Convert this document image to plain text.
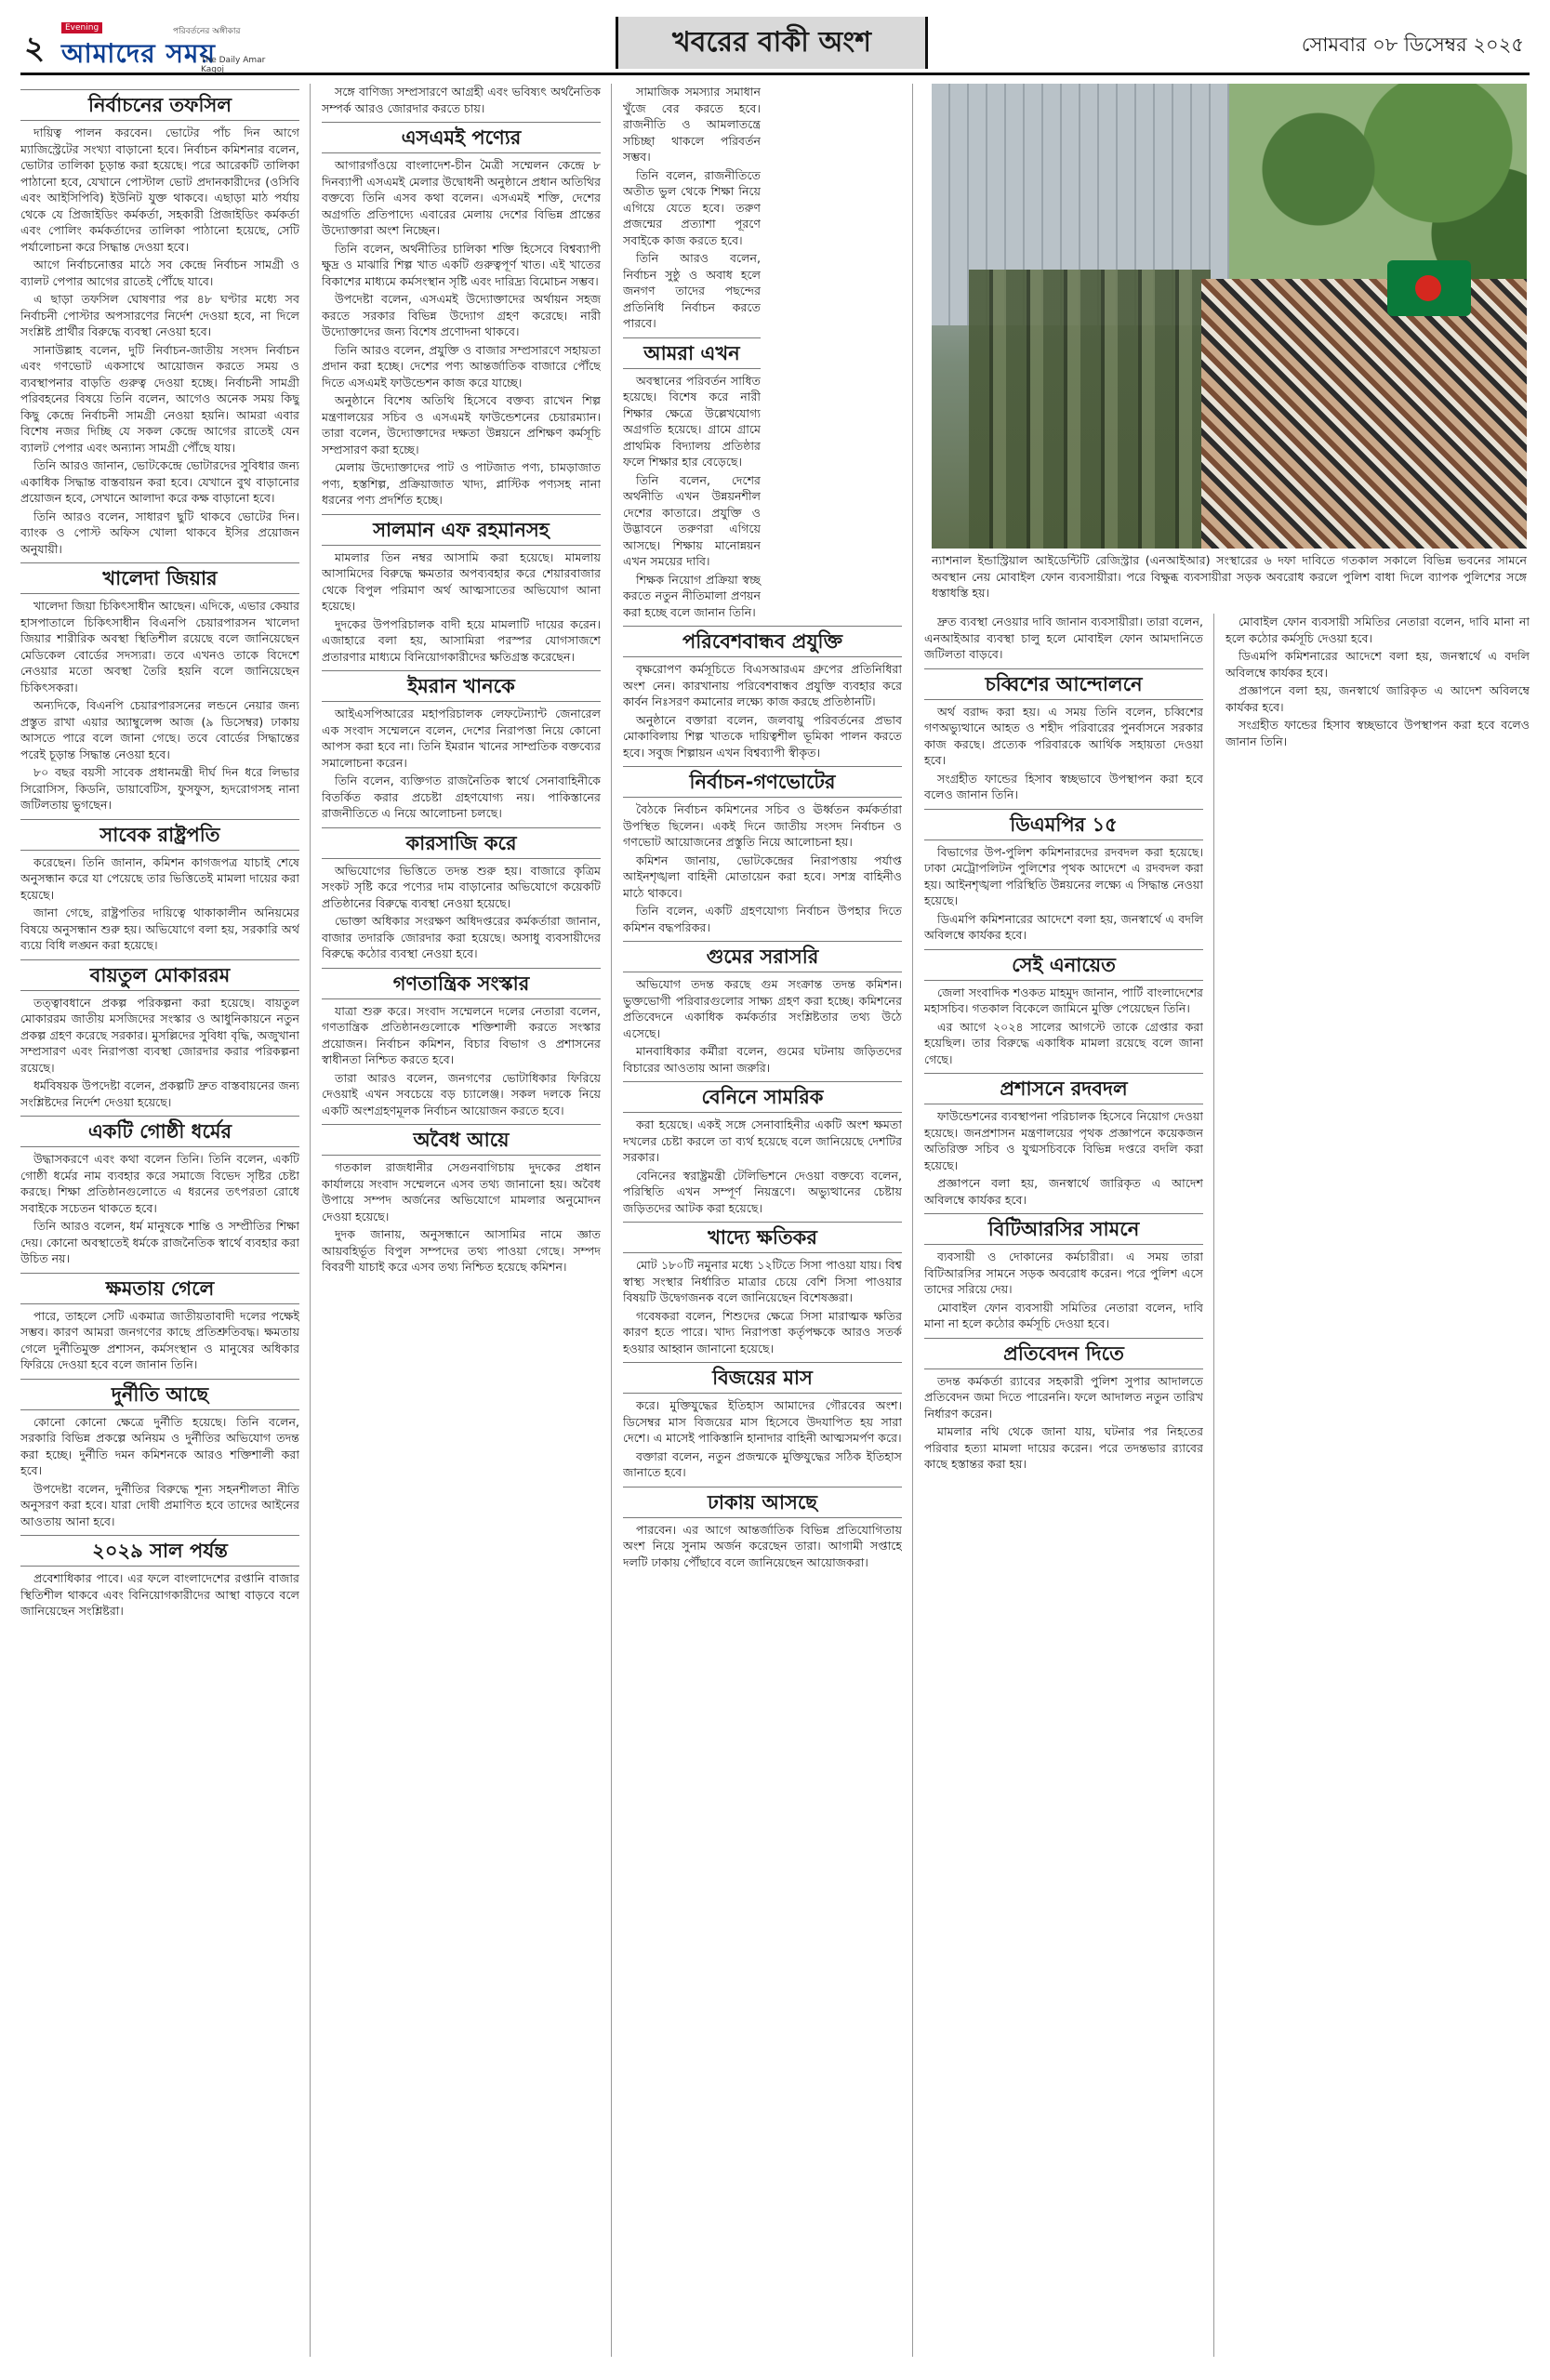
২
Evening
আমাদের সময়
পরিবর্তনের অঙ্গীকার
The Daily Amar Kagoj
খবরের বাকী অংশ	সোমবার ০৮ ডিসেম্বর ২০২৫
নির্বাচনের তফসিল

দায়িত্ব পালন করবেন। ভোটের পাঁচ দিন আগে ম্যাজিস্ট্রেটের সংখ্যা বাড়ানো হবে। নির্বাচন কমিশনার বলেন, ভোটার তালিকা চূড়ান্ত করা হয়েছে। পরে আরেকটি তালিকা পাঠানো হবে, যেখানে পোস্টাল ভোট প্রদানকারীদের (ওসিবি এবং আইসিপিবি) ইউনিট যুক্ত থাকবে। এছাড়া মাঠ পর্যায় থেকে যে প্রিজাইডিং কর্মকর্তা, সহকারী প্রিজাইডিং কর্মকর্তা এবং পোলিং কর্মকর্তাদের তালিকা পাঠানো হয়েছে, সেটি পর্যালোচনা করে সিদ্ধান্ত দেওয়া হবে।

আগে নির্বাচনোত্তর মাঠে সব কেন্দ্রে নির্বাচন সামগ্রী ও ব্যালট পেপার আগের রাতেই পৌঁছে যাবে।

এ ছাড়া তফসিল ঘোষণার পর ৪৮ ঘণ্টার মধ্যে সব নির্বাচনী পোস্টার অপসারণের নির্দেশ দেওয়া হবে, না দিলে সংশ্লিষ্ট প্রার্থীর বিরুদ্ধে ব্যবস্থা নেওয়া হবে।

সানাউল্লাহ বলেন, দুটি নির্বাচন-জাতীয় সংসদ নির্বাচন এবং গণভোট একসাথে আয়োজন করতে সময় ও ব্যবস্থাপনার বাড়তি গুরুত্ব দেওয়া হচ্ছে। নির্বাচনী সামগ্রী পরিবহনের বিষয়ে তিনি বলেন, আগেও অনেক সময় কিছু কিছু কেন্দ্রে নির্বাচনী সামগ্রী নেওয়া হয়নি। আমরা এবার বিশেষ নজর দিচ্ছি যে সকল কেন্দ্রে আগের রাতেই যেন ব্যালট পেপার এবং অন্যান্য সামগ্রী পৌঁছে যায়।

তিনি আরও জানান, ভোটকেন্দ্রে ভোটারদের সুবিধার জন্য একাধিক সিদ্ধান্ত বাস্তবায়ন করা হবে। যেখানে বুথ বাড়ানোর প্রয়োজন হবে, সেখানে আলাদা করে কক্ষ বাড়ানো হবে।

তিনি আরও বলেন, সাধারণ ছুটি থাকবে ভোটের দিন। ব্যাংক ও পোস্ট অফিস খোলা থাকবে ইসির প্রয়োজন অনুযায়ী।

খালেদা জিয়ার

খালেদা জিয়া চিকিৎসাধীন আছেন। এদিকে, এভার কেয়ার হাসপাতালে চিকিৎসাধীন বিএনপি চেয়ারপারসন খালেদা জিয়ার শারীরিক অবস্থা স্থিতিশীল রয়েছে বলে জানিয়েছেন মেডিকেল বোর্ডের সদস্যরা। তবে এখনও তাকে বিদেশে নেওয়ার মতো অবস্থা তৈরি হয়নি বলে জানিয়েছেন চিকিৎসকরা।

অন্যদিকে, বিএনপি চেয়ারপারসনের লন্ডনে নেয়ার জন্য প্রস্তুত রাখা এয়ার অ্যাম্বুলেন্স আজ (৯ ডিসেম্বর) ঢাকায় আসতে পারে বলে জানা গেছে। তবে বোর্ডের সিদ্ধান্তের পরেই চূড়ান্ত সিদ্ধান্ত নেওয়া হবে।

৮০ বছর বয়সী সাবেক প্রধানমন্ত্রী দীর্ঘ দিন ধরে লিভার সিরোসিস, কিডনি, ডায়াবেটিস, ফুসফুস, হৃদরোগসহ নানা জটিলতায় ভুগছেন।

সাবেক রাষ্ট্রপতি

করেছেন। তিনি জানান, কমিশন কাগজপত্র যাচাই শেষে অনুসন্ধান করে যা পেয়েছে তার ভিত্তিতেই মামলা দায়ের করা হয়েছে।

জানা গেছে, রাষ্ট্রপতির দায়িত্বে থাকাকালীন অনিয়মের বিষয়ে অনুসন্ধান শুরু হয়। অভিযোগে বলা হয়, সরকারি অর্থ ব্যয়ে বিধি লঙ্ঘন করা হয়েছে।

বায়তুল মোকাররম

তত্ত্বাবধানে প্রকল্প পরিকল্পনা করা হয়েছে। বায়তুল মোকাররম জাতীয় মসজিদের সংস্কার ও আধুনিকায়নে নতুন প্রকল্প গ্রহণ করেছে সরকার। মুসল্লিদের সুবিধা বৃদ্ধি, অজুখানা সম্প্রসারণ এবং নিরাপত্তা ব্যবস্থা জোরদার করার পরিকল্পনা রয়েছে।

ধর্মবিষয়ক উপদেষ্টা বলেন, প্রকল্পটি দ্রুত বাস্তবায়নের জন্য সংশ্লিষ্টদের নির্দেশ দেওয়া হয়েছে।

একটি গোষ্ঠী ধর্মের

উদ্ধাসকরণে এবং কথা বলেন তিনি। তিনি বলেন, একটি গোষ্ঠী ধর্মের নাম ব্যবহার করে সমাজে বিভেদ সৃষ্টির চেষ্টা করছে। শিক্ষা প্রতিষ্ঠানগুলোতে এ ধরনের তৎপরতা রোধে সবাইকে সচেতন থাকতে হবে।

তিনি আরও বলেন, ধর্ম মানুষকে শান্তি ও সম্প্রীতির শিক্ষা দেয়। কোনো অবস্থাতেই ধর্মকে রাজনৈতিক স্বার্থে ব্যবহার করা উচিত নয়।

ক্ষমতায় গেলে

পারে, তাহলে সেটি একমাত্র জাতীয়তাবাদী দলের পক্ষেই সম্ভব। কারণ আমরা জনগণের কাছে প্রতিশ্রুতিবদ্ধ। ক্ষমতায় গেলে দুর্নীতিমুক্ত প্রশাসন, কর্মসংস্থান ও মানুষের অধিকার ফিরিয়ে দেওয়া হবে বলে জানান তিনি।

দুর্নীতি আছে

কোনো কোনো ক্ষেত্রে দুর্নীতি হয়েছে। তিনি বলেন, সরকারি বিভিন্ন প্রকল্পে অনিয়ম ও দুর্নীতির অভিযোগ তদন্ত করা হচ্ছে। দুর্নীতি দমন কমিশনকে আরও শক্তিশালী করা হবে।

উপদেষ্টা বলেন, দুর্নীতির বিরুদ্ধে শূন্য সহনশীলতা নীতি অনুসরণ করা হবে। যারা দোষী প্রমাণিত হবে তাদের আইনের আওতায় আনা হবে।

২০২৯ সাল পর্যন্ত

প্রবেশাধিকার পাবে। এর ফলে বাংলাদেশের রপ্তানি বাজার স্থিতিশীল থাকবে এবং বিনিয়োগকারীদের আস্থা বাড়বে বলে জানিয়েছেন সংশ্লিষ্টরা।

সঙ্গে বাণিজ্য সম্প্রসারণে আগ্রহী এবং ভবিষ্যৎ অর্থনৈতিক সম্পর্ক আরও জোরদার করতে চায়।

এসএমই পণ্যের

আগারগাঁওয়ে বাংলাদেশ-চীন মৈত্রী সম্মেলন কেন্দ্রে ৮ দিনব্যাপী এসএমই মেলার উদ্বোধনী অনুষ্ঠানে প্রধান অতিথির বক্তব্যে তিনি এসব কথা বলেন। এসএমই শক্তি, দেশের অগ্রগতি প্রতিপাদ্যে এবারের মেলায় দেশের বিভিন্ন প্রান্তের উদ্যোক্তারা অংশ নিচ্ছেন।

তিনি বলেন, অর্থনীতির চালিকা শক্তি হিসেবে বিশ্বব্যাপী ক্ষুদ্র ও মাঝারি শিল্প খাত একটি গুরুত্বপূর্ণ খাত। এই খাতের বিকাশের মাধ্যমে কর্মসংস্থান সৃষ্টি এবং দারিদ্র্য বিমোচন সম্ভব।

উপদেষ্টা বলেন, এসএমই উদ্যোক্তাদের অর্থায়ন সহজ করতে সরকার বিভিন্ন উদ্যোগ গ্রহণ করেছে। নারী উদ্যোক্তাদের জন্য বিশেষ প্রণোদনা থাকবে।

তিনি আরও বলেন, প্রযুক্তি ও বাজার সম্প্রসারণে সহায়তা প্রদান করা হচ্ছে। দেশের পণ্য আন্তর্জাতিক বাজারে পৌঁছে দিতে এসএমই ফাউন্ডেশন কাজ করে যাচ্ছে।

অনুষ্ঠানে বিশেষ অতিথি হিসেবে বক্তব্য রাখেন শিল্প মন্ত্রণালয়ের সচিব ও এসএমই ফাউন্ডেশনের চেয়ারম্যান। তারা বলেন, উদ্যোক্তাদের দক্ষতা উন্নয়নে প্রশিক্ষণ কর্মসূচি সম্প্রসারণ করা হচ্ছে।

মেলায় উদ্যোক্তাদের পাট ও পাটজাত পণ্য, চামড়াজাত পণ্য, হস্তশিল্প, প্রক্রিয়াজাত খাদ্য, প্লাস্টিক পণ্যসহ নানা ধরনের পণ্য প্রদর্শিত হচ্ছে।

সালমান এফ রহমানসহ

মামলার তিন নম্বর আসামি করা হয়েছে। মামলায় আসামিদের বিরুদ্ধে ক্ষমতার অপব্যবহার করে শেয়ারবাজার থেকে বিপুল পরিমাণ অর্থ আত্মসাতের অভিযোগ আনা হয়েছে।

দুদকের উপপরিচালক বাদী হয়ে মামলাটি দায়ের করেন। এজাহারে বলা হয়, আসামিরা পরস্পর যোগসাজশে প্রতারণার মাধ্যমে বিনিয়োগকারীদের ক্ষতিগ্রস্ত করেছেন।

ইমরান খানকে

আইএসপিআরের মহাপরিচালক লেফটেন্যান্ট জেনারেল এক সংবাদ সম্মেলনে বলেন, দেশের নিরাপত্তা নিয়ে কোনো আপস করা হবে না। তিনি ইমরান খানের সাম্প্রতিক বক্তব্যের সমালোচনা করেন।

তিনি বলেন, ব্যক্তিগত রাজনৈতিক স্বার্থে সেনাবাহিনীকে বিতর্কিত করার প্রচেষ্টা গ্রহণযোগ্য নয়। পাকিস্তানের রাজনীতিতে এ নিয়ে আলোচনা চলছে।

কারসাজি করে

অভিযোগের ভিত্তিতে তদন্ত শুরু হয়। বাজারে কৃত্রিম সংকট সৃষ্টি করে পণ্যের দাম বাড়ানোর অভিযোগে কয়েকটি প্রতিষ্ঠানের বিরুদ্ধে ব্যবস্থা নেওয়া হয়েছে।

ভোক্তা অধিকার সংরক্ষণ অধিদপ্তরের কর্মকর্তারা জানান, বাজার তদারকি জোরদার করা হয়েছে। অসাধু ব্যবসায়ীদের বিরুদ্ধে কঠোর ব্যবস্থা নেওয়া হবে।

গণতান্ত্রিক সংস্কার

যাত্রা শুরু করে। সংবাদ সম্মেলনে দলের নেতারা বলেন, গণতান্ত্রিক প্রতিষ্ঠানগুলোকে শক্তিশালী করতে সংস্কার প্রয়োজন। নির্বাচন কমিশন, বিচার বিভাগ ও প্রশাসনের স্বাধীনতা নিশ্চিত করতে হবে।

তারা আরও বলেন, জনগণের ভোটাধিকার ফিরিয়ে দেওয়াই এখন সবচেয়ে বড় চ্যালেঞ্জ। সকল দলকে নিয়ে একটি অংশগ্রহণমূলক নির্বাচন আয়োজন করতে হবে।

অবৈধ আয়ে

গতকাল রাজধানীর সেগুনবাগিচায় দুদকের প্রধান কার্যালয়ে সংবাদ সম্মেলনে এসব তথ্য জানানো হয়। অবৈধ উপায়ে সম্পদ অর্জনের অভিযোগে মামলার অনুমোদন দেওয়া হয়েছে।

দুদক জানায়, অনুসন্ধানে আসামির নামে জ্ঞাত আয়বহির্ভূত বিপুল সম্পদের তথ্য পাওয়া গেছে। সম্পদ বিবরণী যাচাই করে এসব তথ্য নিশ্চিত হয়েছে কমিশন।

সামাজিক সমস্যার সমাধান খুঁজে বের করতে হবে। রাজনীতি ও আমলাতন্ত্রে সচিচ্ছা থাকলে পরিবর্তন সম্ভব।

তিনি বলেন, রাজনীতিতে অতীত ভুল থেকে শিক্ষা নিয়ে এগিয়ে যেতে হবে। তরুণ প্রজন্মের প্রত্যাশা পূরণে সবাইকে কাজ করতে হবে।

তিনি আরও বলেন, নির্বাচন সুষ্ঠু ও অবাধ হলে জনগণ তাদের পছন্দের প্রতিনিধি নির্বাচন করতে পারবে।

আমরা এখন

অবস্থানের পরিবর্তন সাধিত হয়েছে। বিশেষ করে নারী শিক্ষার ক্ষেত্রে উল্লেখযোগ্য অগ্রগতি হয়েছে। গ্রামে গ্রামে প্রাথমিক বিদ্যালয় প্রতিষ্ঠার ফলে শিক্ষার হার বেড়েছে।

তিনি বলেন, দেশের অর্থনীতি এখন উন্নয়নশীল দেশের কাতারে। প্রযুক্তি ও উদ্ভাবনে তরুণরা এগিয়ে আসছে। শিক্ষায় মানোন্নয়ন এখন সময়ের দাবি।

শিক্ষক নিয়োগ প্রক্রিয়া স্বচ্ছ করতে নতুন নীতিমালা প্রণয়ন করা হচ্ছে বলে জানান তিনি।

পরিবেশবান্ধব প্রযুক্তি

বৃক্ষরোপণ কর্মসূচিতে বিএসআরএম গ্রুপের প্রতিনিধিরা অংশ নেন। কারখানায় পরিবেশবান্ধব প্রযুক্তি ব্যবহার করে কার্বন নিঃসরণ কমানোর লক্ষ্যে কাজ করছে প্রতিষ্ঠানটি।

অনুষ্ঠানে বক্তারা বলেন, জলবায়ু পরিবর্তনের প্রভাব মোকাবিলায় শিল্প খাতকে দায়িত্বশীল ভূমিকা পালন করতে হবে। সবুজ শিল্পায়ন এখন বিশ্বব্যাপী স্বীকৃত।

নির্বাচন-গণভোটের

বৈঠকে নির্বাচন কমিশনের সচিব ও ঊর্ধ্বতন কর্মকর্তারা উপস্থিত ছিলেন। একই দিনে জাতীয় সংসদ নির্বাচন ও গণভোট আয়োজনের প্রস্তুতি নিয়ে আলোচনা হয়।

কমিশন জানায়, ভোটকেন্দ্রের নিরাপত্তায় পর্যাপ্ত আইনশৃঙ্খলা বাহিনী মোতায়েন করা হবে। সশস্ত্র বাহিনীও মাঠে থাকবে।

তিনি বলেন, একটি গ্রহণযোগ্য নির্বাচন উপহার দিতে কমিশন বদ্ধপরিকর।

গুমের সরাসরি

অভিযোগ তদন্ত করছে গুম সংক্রান্ত তদন্ত কমিশন। ভুক্তভোগী পরিবারগুলোর সাক্ষ্য গ্রহণ করা হচ্ছে। কমিশনের প্রতিবেদনে একাধিক কর্মকর্তার সংশ্লিষ্টতার তথ্য উঠে এসেছে।

মানবাধিকার কর্মীরা বলেন, গুমের ঘটনায় জড়িতদের বিচারের আওতায় আনা জরুরি।

বেনিনে সামরিক

করা হয়েছে। একই সঙ্গে সেনাবাহিনীর একটি অংশ ক্ষমতা দখলের চেষ্টা করলে তা ব্যর্থ হয়েছে বলে জানিয়েছে দেশটির সরকার।

বেনিনের স্বরাষ্ট্রমন্ত্রী টেলিভিশনে দেওয়া বক্তব্যে বলেন, পরিস্থিতি এখন সম্পূর্ণ নিয়ন্ত্রণে। অভ্যুত্থানের চেষ্টায় জড়িতদের আটক করা হয়েছে।

খাদ্যে ক্ষতিকর

মোট ১৮০টি নমুনার মধ্যে ১২টিতে সিসা পাওয়া যায়। বিশ্ব স্বাস্থ্য সংস্থার নির্ধারিত মাত্রার চেয়ে বেশি সিসা পাওয়ার বিষয়টি উদ্বেগজনক বলে জানিয়েছেন বিশেষজ্ঞরা।

গবেষকরা বলেন, শিশুদের ক্ষেত্রে সিসা মারাত্মক ক্ষতির কারণ হতে পারে। খাদ্য নিরাপত্তা কর্তৃপক্ষকে আরও সতর্ক হওয়ার আহ্বান জানানো হয়েছে।

বিজয়ের মাস

করে। মুক্তিযুদ্ধের ইতিহাস আমাদের গৌরবের অংশ। ডিসেম্বর মাস বিজয়ের মাস হিসেবে উদযাপিত হয় সারা দেশে। এ মাসেই পাকিস্তানি হানাদার বাহিনী আত্মসমর্পণ করে।

বক্তারা বলেন, নতুন প্রজন্মকে মুক্তিযুদ্ধের সঠিক ইতিহাস জানাতে হবে।

ঢাকায় আসছে

পারবেন। এর আগে আন্তর্জাতিক বিভিন্ন প্রতিযোগিতায় অংশ নিয়ে সুনাম অর্জন করেছেন তারা। আগামী সপ্তাহে দলটি ঢাকায় পৌঁছাবে বলে জানিয়েছেন আয়োজকরা।

ন্যাশনাল ইন্ডাস্ট্রিয়াল আইডেন্টিটি রেজিস্ট্রার (এনআইআর) সংস্থারের ৬ দফা দাবিতে গতকাল সকালে বিভিন্ন ভবনের সামনে অবস্থান নেয় মোবাইল ফোন ব্যবসায়ীরা। পরে বিক্ষুব্ধ ব্যবসায়ীরা সড়ক অবরোধ করলে পুলিশ বাধা দিলে ব্যাপক পুলিশের সঙ্গে ধস্তাধস্তি হয়।

দ্রুত ব্যবস্থা নেওয়ার দাবি জানান ব্যবসায়ীরা। তারা বলেন, এনআইআর ব্যবস্থা চালু হলে মোবাইল ফোন আমদানিতে জটিলতা বাড়বে।

চব্বিশের আন্দোলনে

অর্থ বরাদ্দ করা হয়। এ সময় তিনি বলেন, চব্বিশের গণঅভ্যুত্থানে আহত ও শহীদ পরিবারের পুনর্বাসনে সরকার কাজ করছে। প্রত্যেক পরিবারকে আর্থিক সহায়তা দেওয়া হবে।

সংগ্রহীত ফান্ডের হিসাব স্বচ্ছভাবে উপস্থাপন করা হবে বলেও জানান তিনি।

ডিএমপির ১৫

বিভাগের উপ-পুলিশ কমিশনারদের রদবদল করা হয়েছে। ঢাকা মেট্রোপলিটন পুলিশের পৃথক আদেশে এ রদবদল করা হয়। আইনশৃঙ্খলা পরিস্থিতি উন্নয়নের লক্ষ্যে এ সিদ্ধান্ত নেওয়া হয়েছে।

ডিএমপি কমিশনারের আদেশে বলা হয়, জনস্বার্থে এ বদলি অবিলম্বে কার্যকর হবে।

সেই এনায়েত

জেলা সংবাদিক শওকত মাহমুদ জানান, পার্টি বাংলাদেশের মহাসচিব। গতকাল বিকেলে জামিনে মুক্তি পেয়েছেন তিনি।

এর আগে ২০২৪ সালের আগস্টে তাকে গ্রেপ্তার করা হয়েছিল। তার বিরুদ্ধে একাধিক মামলা রয়েছে বলে জানা গেছে।

প্রশাসনে রদবদল

ফাউন্ডেশনের ব্যবস্থাপনা পরিচালক হিসেবে নিয়োগ দেওয়া হয়েছে। জনপ্রশাসন মন্ত্রণালয়ের পৃথক প্রজ্ঞাপনে কয়েকজন অতিরিক্ত সচিব ও যুগ্মসচিবকে বিভিন্ন দপ্তরে বদলি করা হয়েছে।

প্রজ্ঞাপনে বলা হয়, জনস্বার্থে জারিকৃত এ আদেশ অবিলম্বে কার্যকর হবে।

বিটিআরসির সামনে

ব্যবসায়ী ও দোকানের কর্মচারীরা। এ সময় তারা বিটিআরসির সামনে সড়ক অবরোধ করেন। পরে পুলিশ এসে তাদের সরিয়ে দেয়।

মোবাইল ফোন ব্যবসায়ী সমিতির নেতারা বলেন, দাবি মানা না হলে কঠোর কর্মসূচি দেওয়া হবে।

প্রতিবেদন দিতে

তদন্ত কর্মকর্তা র‌্যাবের সহকারী পুলিশ সুপার আদালতে প্রতিবেদন জমা দিতে পারেননি। ফলে আদালত নতুন তারিখ নির্ধারণ করেন।

মামলার নথি থেকে জানা যায়, ঘটনার পর নিহতের পরিবার হত্যা মামলা দায়ের করেন। পরে তদন্তভার র‌্যাবের কাছে হস্তান্তর করা হয়।

মোবাইল ফোন ব্যবসায়ী সমিতির নেতারা বলেন, দাবি মানা না হলে কঠোর কর্মসূচি দেওয়া হবে।

ডিএমপি কমিশনারের আদেশে বলা হয়, জনস্বার্থে এ বদলি অবিলম্বে কার্যকর হবে।

প্রজ্ঞাপনে বলা হয়, জনস্বার্থে জারিকৃত এ আদেশ অবিলম্বে কার্যকর হবে।

সংগ্রহীত ফান্ডের হিসাব স্বচ্ছভাবে উপস্থাপন করা হবে বলেও জানান তিনি।
